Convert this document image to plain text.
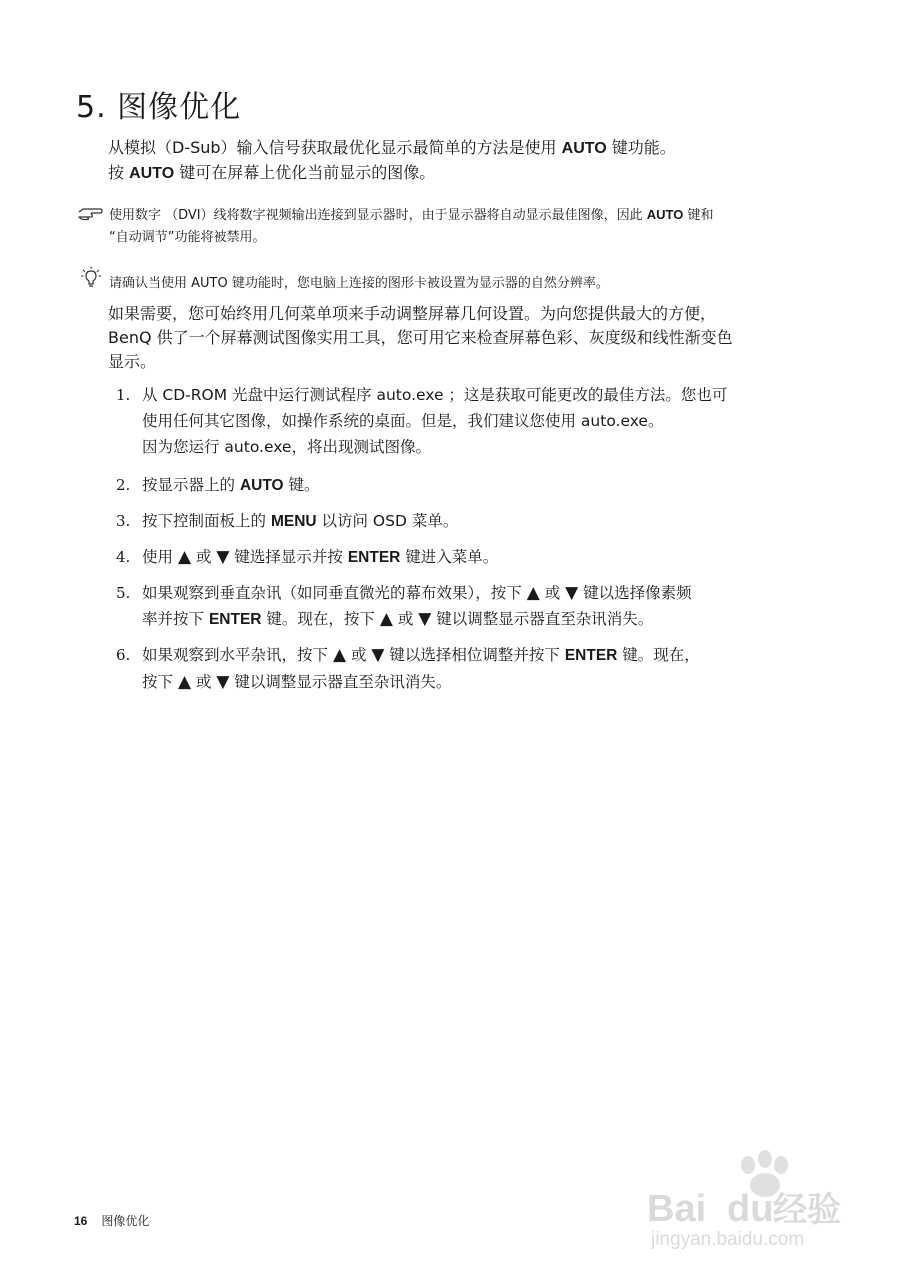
5. 图像优化
从模拟（D-Sub）输入信号获取最优化显示最简单的方法是使用 AUTO 键功能。
按 AUTO 键可在屏幕上优化当前显示的图像。
使用数字 （DVI）线将数字视频输出连接到显示器时，由于显示器将自动显示最佳图像，因此 AUTO 键和
“自动调节”功能将被禁用。
请确认当使用 AUTO 键功能时，您电脑上连接的图形卡被设置为显示器的自然分辨率。
如果需要，您可始终用几何菜单项来手动调整屏幕几何设置。为向您提供最大的方便，
BenQ 供了一个屏幕测试图像实用工具，您可用它来检查屏幕色彩、灰度级和线性渐变色
显示。
1. 从 CD-ROM 光盘中运行测试程序 auto.exe ；这是获取可能更改的最佳方法。您也可
使用任何其它图像，如操作系统的桌面。但是，我们建议您使用 auto.exe。
因为您运行 auto.exe，将出现测试图像。
2. 按显示器上的 AUTO 键。
3. 按下控制面板上的 MENU 以访问 OSD 菜单。
4. 使用 ▲ 或 ▼ 键选择显示并按 ENTER 键进入菜单。
5. 如果观察到垂直杂讯（如同垂直微光的幕布效果），按下 ▲ 或 ▼ 键以选择像素频
率并按下 ENTER 键。现在，按下 ▲ 或 ▼ 键以调整显示器直至杂讯消失。
6. 如果观察到水平杂讯，按下 ▲ 或 ▼ 键以选择相位调整并按下 ENTER 键。现在，
按下 ▲ 或 ▼ 键以调整显示器直至杂讯消失。
16 图像优化	Bai du 经验
jingyan.baidu.com
